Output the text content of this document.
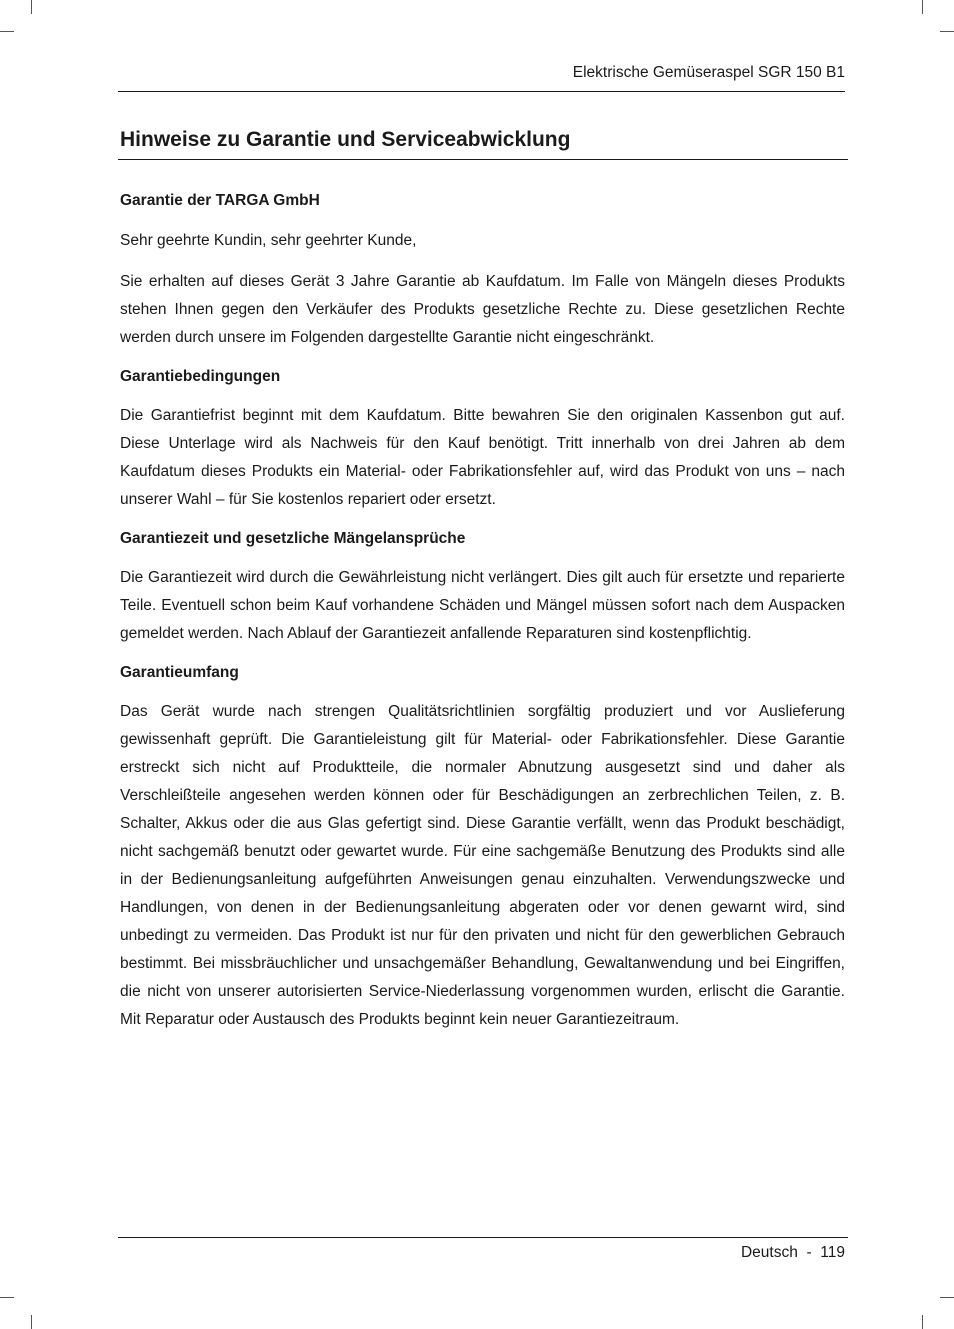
Elektrische Gemüseraspel SGR 150 B1
Hinweise zu Garantie und Serviceabwicklung
Garantie der TARGA GmbH

Sehr geehrte Kundin, sehr geehrter Kunde,

Sie erhalten auf dieses Gerät 3 Jahre Garantie ab Kaufdatum. Im Falle von Mängeln dieses Produkts stehen Ihnen gegen den Verkäufer des Produkts gesetzliche Rechte zu. Diese gesetzlichen Rechte werden durch unsere im Folgenden dargestellte Garantie nicht eingeschränkt.

Garantiebedingungen

Die Garantiefrist beginnt mit dem Kaufdatum. Bitte bewahren Sie den originalen Kassenbon gut auf. Diese Unterlage wird als Nachweis für den Kauf benötigt. Tritt innerhalb von drei Jahren ab dem Kaufdatum dieses Produkts ein Material- oder Fabrikationsfehler auf, wird das Produkt von uns – nach unserer Wahl – für Sie kostenlos repariert oder ersetzt.

Garantiezeit und gesetzliche Mängelansprüche

Die Garantiezeit wird durch die Gewährleistung nicht verlängert. Dies gilt auch für ersetzte und reparierte Teile. Eventuell schon beim Kauf vorhandene Schäden und Mängel müssen sofort nach dem Auspacken gemeldet werden. Nach Ablauf der Garantiezeit anfallende Reparaturen sind kostenpflichtig.

Garantieumfang

Das Gerät wurde nach strengen Qualitätsrichtlinien sorgfältig produziert und vor Auslieferung gewissenhaft geprüft. Die Garantieleistung gilt für Material- oder Fabrikationsfehler. Diese Garantie erstreckt sich nicht auf Produktteile, die normaler Abnutzung ausgesetzt sind und daher als Verschleißteile angesehen werden können oder für Beschädigungen an zerbrechlichen Teilen, z. B. Schalter, Akkus oder die aus Glas gefertigt sind. Diese Garantie verfällt, wenn das Produkt beschädigt, nicht sachgemäß benutzt oder gewartet wurde. Für eine sachgemäße Benutzung des Produkts sind alle in der Bedienungsanleitung aufgeführten Anweisungen genau einzuhalten. Verwendungszwecke und Handlungen, von denen in der Bedienungsanleitung abgeraten oder vor denen gewarnt wird, sind unbedingt zu vermeiden. Das Produkt ist nur für den privaten und nicht für den gewerblichen Gebrauch bestimmt. Bei missbräuchlicher und unsachgemäßer Behandlung, Gewaltanwendung und bei Eingriffen, die nicht von unserer autorisierten Service-Niederlassung vorgenommen wurden, erlischt die Garantie. Mit Reparatur oder Austausch des Produkts beginnt kein neuer Garantiezeitraum.

Deutsch - 119
